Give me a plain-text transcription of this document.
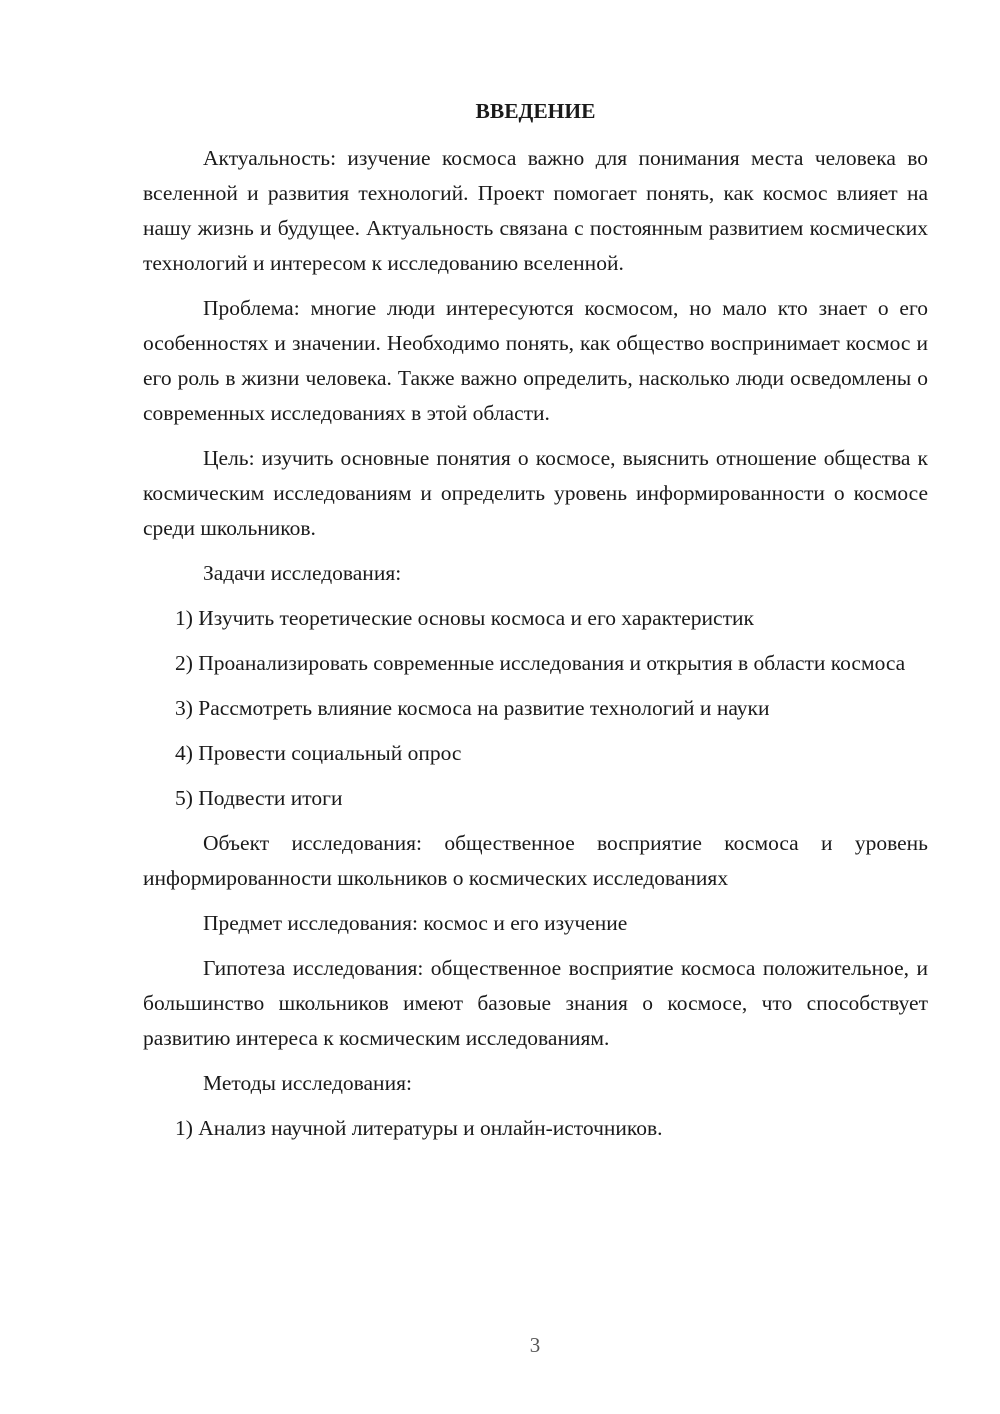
ВВЕДЕНИЕ

Актуальность: изучение космоса важно для понимания места человека во вселенной и развития технологий. Проект помогает понять, как космос влияет на нашу жизнь и будущее. Актуальность связана с постоянным развитием космических технологий и интересом к исследованию вселенной.

Проблема: многие люди интересуются космосом, но мало кто знает о его особенностях и значении. Необходимо понять, как общество воспринимает космос и его роль в жизни человека. Также важно определить, насколько люди осведомлены о современных исследованиях в этой области.

Цель: изучить основные понятия о космосе, выяснить отношение общества к космическим исследованиям и определить уровень информированности о космосе среди школьников.

Задачи исследования:

1) Изучить теоретические основы космоса и его характеристик

2) Проанализировать современные исследования и открытия в области космоса

3) Рассмотреть влияние космоса на развитие технологий и науки

4) Провести социальный опрос

5) Подвести итоги

Объект исследования: общественное восприятие космоса и уровень информированности школьников о космических исследованиях

Предмет исследования: космос и его изучение

Гипотеза исследования: общественное восприятие космоса положительное, и большинство школьников имеют базовые знания о космосе, что способствует развитию интереса к космическим исследованиям.

Методы исследования:

1) Анализ научной литературы и онлайн-источников.

3
